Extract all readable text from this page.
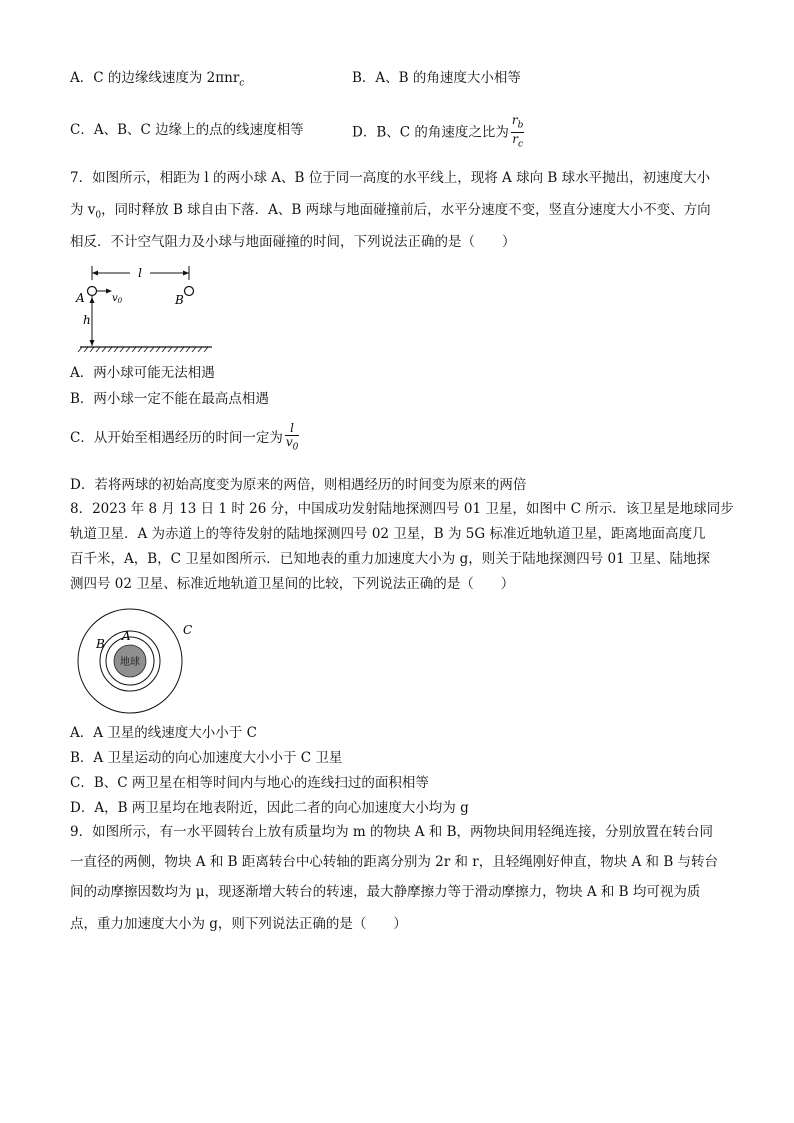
A．C 的边缘线速度为 2πnr$_c$	B．A、B 的角速度大小相等
C．A、B、C 边缘上的点的线速度相等	D．B、C 的角速度之比为 $\frac{r_b}{r_c}$
7．如图所示，相距为 l 的两小球 A、B 位于同一高度的水平线上，现将 A 球向 B 球水平抛出，初速度大小
为 $v_0$，同时释放 B 球自由下落．A、B 两球与地面碰撞前后，水平分速度不变，竖直分速度大小不变、方向
相反．不计空气阻力及小球与地面碰撞的时间，下列说法正确的是（　　）
l
A	B
$v_0$
h
A．两小球可能无法相遇
B．两小球一定不能在最高点相遇
C．从开始至相遇经历的时间一定为 $\frac{l}{v_0}$
D．若将两球的初始高度变为原来的两倍，则相遇经历的时间变为原来的两倍
8．2023 年 8 月 13 日 1 时 26 分，中国成功发射陆地探测四号 01 卫星，如图中 C 所示．该卫星是地球同步
轨道卫星．A 为赤道上的等待发射的陆地探测四号 02 卫星，B 为 5G 标准近地轨道卫星，距离地面高度几
百千米，A，B，C 卫星如图所示．已知地表的重力加速度大小为 g，则关于陆地探测四号 01 卫星、陆地探
测四号 02 卫星、标准近地轨道卫星间的比较，下列说法正确的是（　　）
地球
A
B
C
A．A 卫星的线速度大小小于 C
B．A 卫星运动的向心加速度大小小于 C 卫星
C．B、C 两卫星在相等时间内与地心的连线扫过的面积相等
D．A，B 两卫星均在地表附近，因此二者的向心加速度大小均为 g
9．如图所示，有一水平圆转台上放有质量均为 m 的物块 A 和 B，两物块间用轻绳连接，分别放置在转台同
一直径的两侧，物块 A 和 B 距离转台中心转轴的距离分别为 2r 和 r，且轻绳刚好伸直，物块 A 和 B 与转台
间的动摩擦因数均为 μ，现逐渐增大转台的转速，最大静摩擦力等于滑动摩擦力，物块 A 和 B 均可视为质
点，重力加速度大小为 g，则下列说法正确的是（　　）
